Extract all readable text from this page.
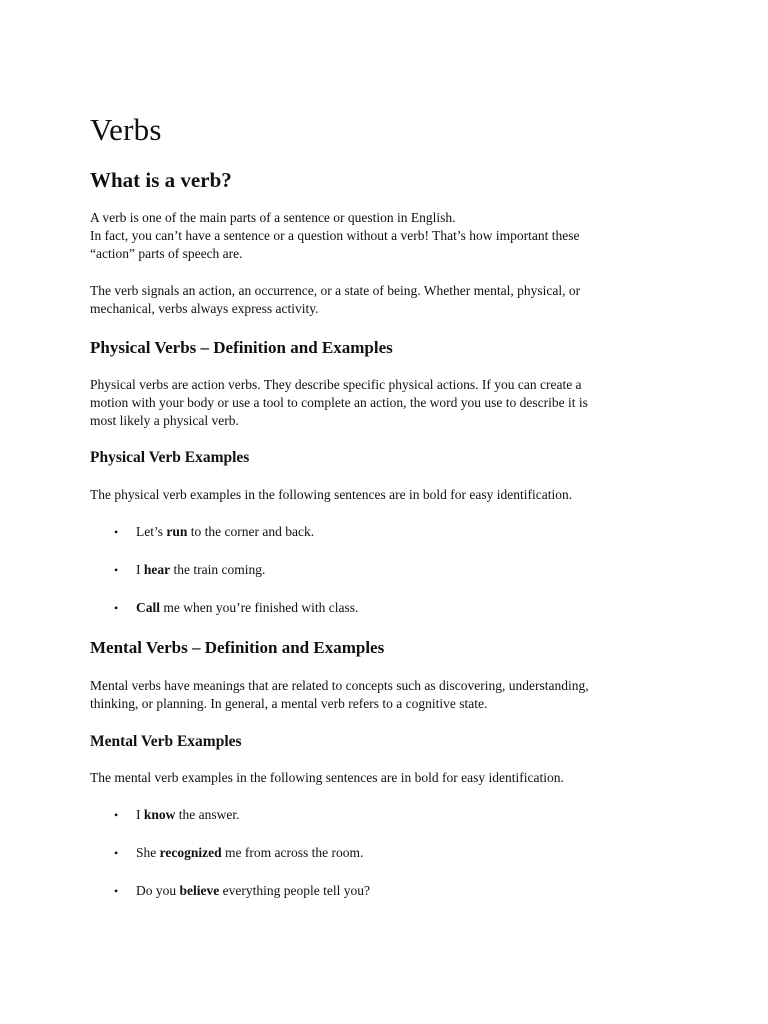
Verbs
What is a verb?

A verb is one of the main parts of a sentence or question in English.
In fact, you can’t have a sentence or a question without a verb! That’s how important these
“action” parts of speech are.

The verb signals an action, an occurrence, or a state of being. Whether mental, physical, or
mechanical, verbs always express activity.

Physical Verbs – Definition and Examples

Physical verbs are action verbs. They describe specific physical actions. If you can create a
motion with your body or use a tool to complete an action, the word you use to describe it is
most likely a physical verb.

Physical Verb Examples

The physical verb examples in the following sentences are in bold for easy identification.

• Let’s run to the corner and back.
• I hear the train coming.
• Call me when you’re finished with class.
Mental Verbs – Definition and Examples

Mental verbs have meanings that are related to concepts such as discovering, understanding,
thinking, or planning. In general, a mental verb refers to a cognitive state.

Mental Verb Examples

The mental verb examples in the following sentences are in bold for easy identification.

• I know the answer.
• She recognized me from across the room.
• Do you believe everything people tell you?
